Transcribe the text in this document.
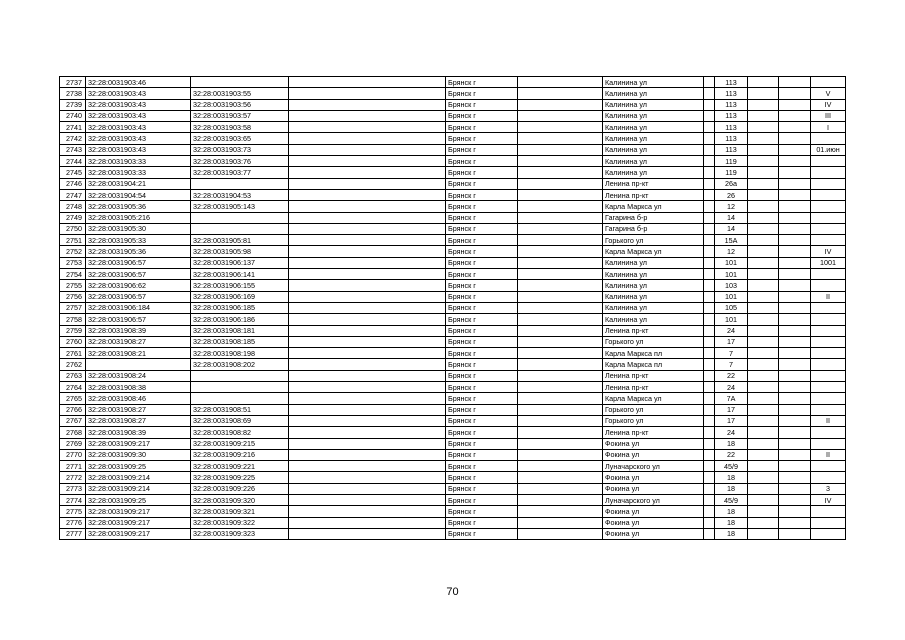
2737	32:28:0031903:46			Брянск г		Калинина ул		113			
2738	32:28:0031903:43	32:28:0031903:55		Брянск г		Калинина ул		113			V
2739	32:28:0031903:43	32:28:0031903:56		Брянск г		Калинина ул		113			IV
2740	32:28:0031903:43	32:28:0031903:57		Брянск г		Калинина ул		113			III
2741	32:28:0031903:43	32:28:0031903:58		Брянск г		Калинина ул		113			I
2742	32:28:0031903:43	32:28:0031903:65		Брянск г		Калинина ул		113			
2743	32:28:0031903:43	32:28:0031903:73		Брянск г		Калинина ул		113			01.июн
2744	32:28:0031903:33	32:28:0031903:76		Брянск г		Калинина ул		119			
2745	32:28:0031903:33	32:28:0031903:77		Брянск г		Калинина ул		119			
2746	32:28:0031904:21			Брянск г		Ленина пр-кт		26а			
2747	32:28:0031904:54	32:28:0031904:53		Брянск г		Ленина пр-кт		26			
2748	32:28:0031905:36	32:28:0031905:143		Брянск г		Карла Маркса ул		12			
2749	32:28:0031905:216			Брянск г		Гагарина б-р		14			
2750	32:28:0031905:30			Брянск г		Гагарина б-р		14			
2751	32:28:0031905:33	32:28:0031905:81		Брянск г		Горького ул		15А			
2752	32:28:0031905:36	32:28:0031905:98		Брянск г		Карла Маркса ул		12			IV
2753	32:28:0031906:57	32:28:0031906:137		Брянск г		Калинина ул		101			1001
2754	32:28:0031906:57	32:28:0031906:141		Брянск г		Калинина ул		101			
2755	32:28:0031906:62	32:28:0031906:155		Брянск г		Калинина ул		103			
2756	32:28:0031906:57	32:28:0031906:169		Брянск г		Калинина ул		101			II
2757	32:28:0031906:184	32:28:0031906:185		Брянск г		Калинина ул		105			
2758	32:28:0031906:57	32:28:0031906:186		Брянск г		Калинина ул		101			
2759	32:28:0031908:39	32:28:0031908:181		Брянск г		Ленина пр-кт		24			
2760	32:28:0031908:27	32:28:0031908:185		Брянск г		Горького ул		17			
2761	32:28:0031908:21	32:28:0031908:198		Брянск г		Карла Маркса пл		7			
2762		32:28:0031908:202		Брянск г		Карла Маркса пл		7			
2763	32:28:0031908:24			Брянск г		Ленина пр-кт		22			
2764	32:28:0031908:38			Брянск г		Ленина пр-кт		24			
2765	32:28:0031908:46			Брянск г		Карла Маркса ул		7А			
2766	32:28:0031908:27	32:28:0031908:51		Брянск г		Горького ул		17			
2767	32:28:0031908:27	32:28:0031908:69		Брянск г		Горького ул		17			II
2768	32:28:0031908:39	32:28:0031908:82		Брянск г		Ленина пр-кт		24			
2769	32:28:0031909:217	32:28:0031909:215		Брянск г		Фокина ул		18			
2770	32:28:0031909:30	32:28:0031909:216		Брянск г		Фокина ул		22			II
2771	32:28:0031909:25	32:28:0031909:221		Брянск г		Луначарского ул		45/9			
2772	32:28:0031909:214	32:28:0031909:225		Брянск г		Фокина ул		18			
2773	32:28:0031909:214	32:28:0031909:226		Брянск г		Фокина ул		18			3
2774	32:28:0031909:25	32:28:0031909:320		Брянск г		Луначарского ул		45/9			IV
2775	32:28:0031909:217	32:28:0031909:321		Брянск г		Фокина ул		18			
2776	32:28:0031909:217	32:28:0031909:322		Брянск г		Фокина ул		18			
2777	32:28:0031909:217	32:28:0031909:323		Брянск г		Фокина ул		18			
70
